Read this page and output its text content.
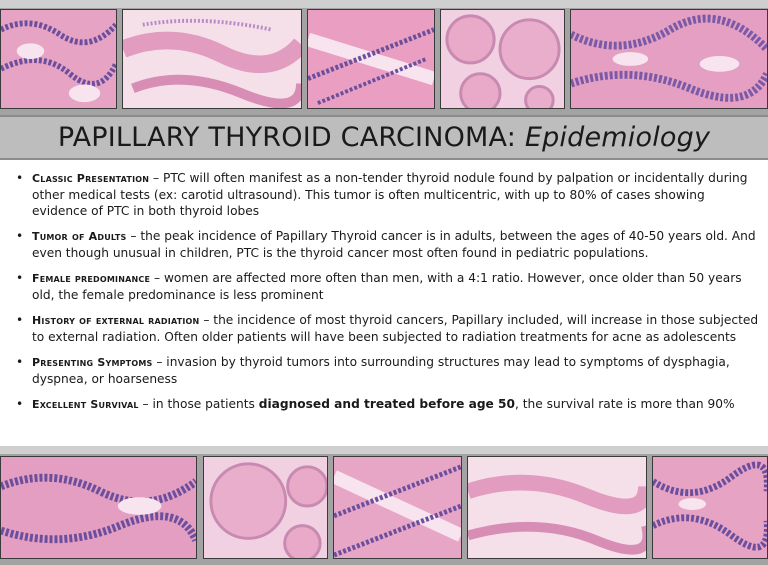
PAPILLARY THYROID CARCINOMA: Epidemiology
• Classic Presentation – PTC will often manifest as a non-tender thyroid nodule found by palpation or incidentally during other medical tests (ex: carotid ultrasound). This tumor is often multicentric, with up to 80% of cases showing evidence of PTC in both thyroid lobes
• Tumor of Adults – the peak incidence of Papillary Thyroid cancer is in adults, between the ages of 40-50 years old. And even though unusual in children, PTC is the thyroid cancer most often found in pediatric populations.
• Female predominance – women are affected more often than men, with a 4:1 ratio. However, once older than 50 years old, the female predominance is less prominent
• History of external radiation – the incidence of most thyroid cancers, Papillary included, will increase in those subjected to external radiation. Often older patients will have been subjected to radiation treatments for acne as adolescents
• Presenting Symptoms – invasion by thyroid tumors into surrounding structures may lead to symptoms of dysphagia, dyspnea, or hoarseness
• Excellent Survival – in those patients diagnosed and treated before age 50, the survival rate is more than 90%
